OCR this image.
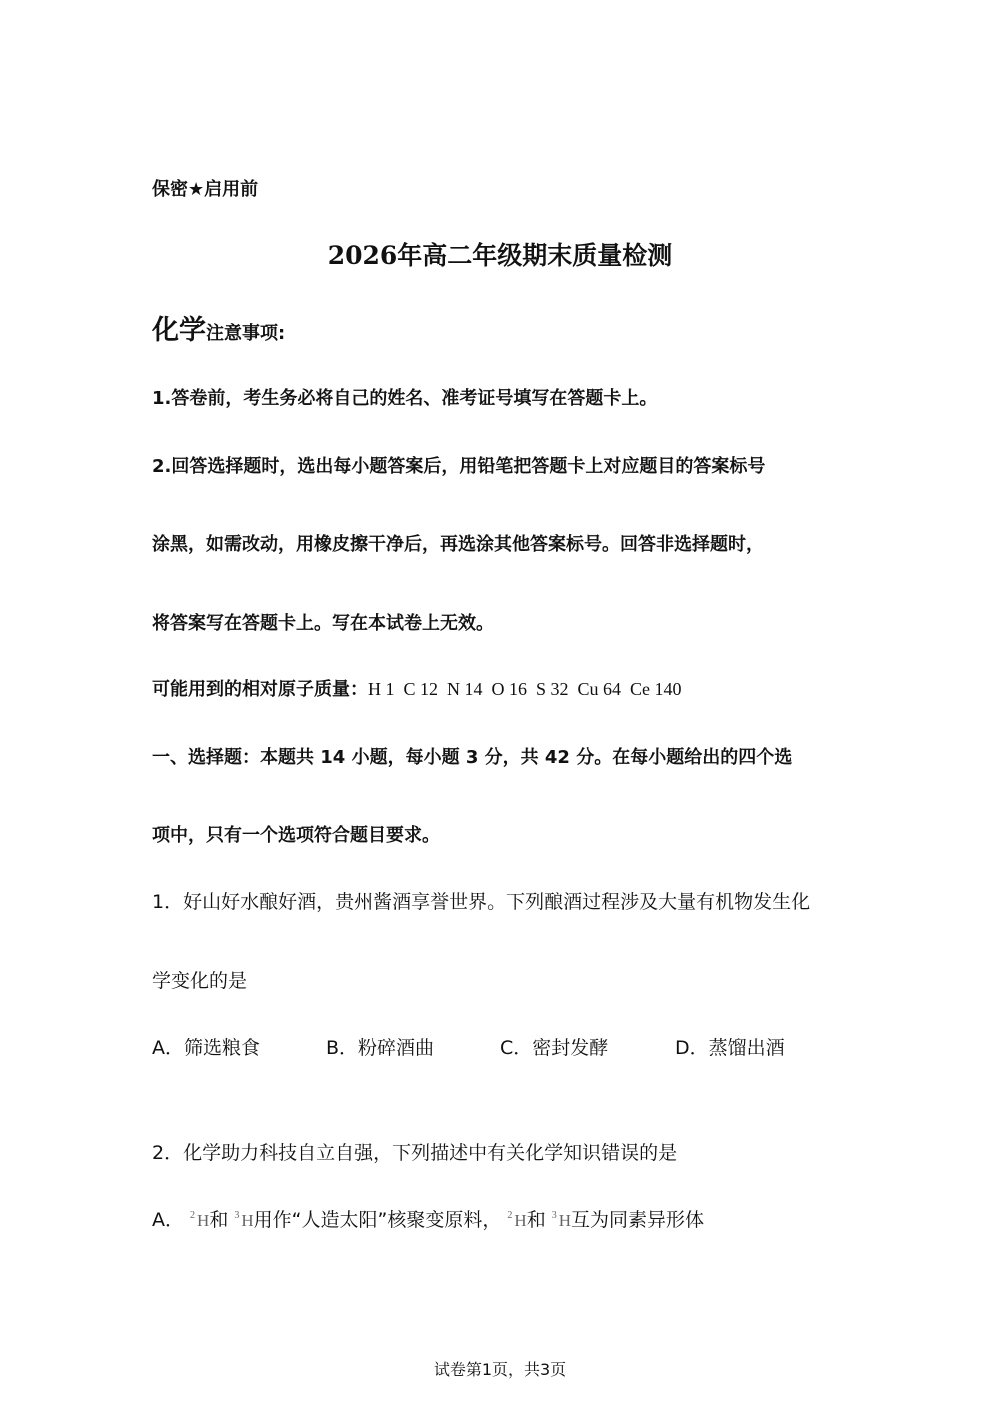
保密★启用前
2026年高二年级期末质量检测
化学注意事项:
1.答卷前，考生务必将自己的姓名、准考证号填写在答题卡上。
2.回答选择题时，选出每小题答案后，用铅笔把答题卡上对应题目的答案标号
涂黑，如需改动，用橡皮擦干净后，再选涂其他答案标号。回答非选择题时，
将答案写在答题卡上。写在本试卷上无效。
可能用到的相对原子质量：H 1  C 12  N 14  O 16  S 32  Cu 64  Ce 140
一、选择题：本题共 14 小题，每小题 3 分，共 42 分。在每小题给出的四个选
项中，只有一个选项符合题目要求。
1．好山好水酿好酒，贵州酱酒享誉世界。下列酿酒过程涉及大量有机物发生化
学变化的是
A．筛选粮食	B．粉碎酒曲	C．密封发酵	D．蒸馏出酒
2．化学助力科技自立自强，下列描述中有关化学知识错误的是
A． $^2$ H和 $^3$ H用作“人造太阳”核聚变原料， $^2$ H和 $^3$ H互为同素异形体
试卷第1页，共3页
